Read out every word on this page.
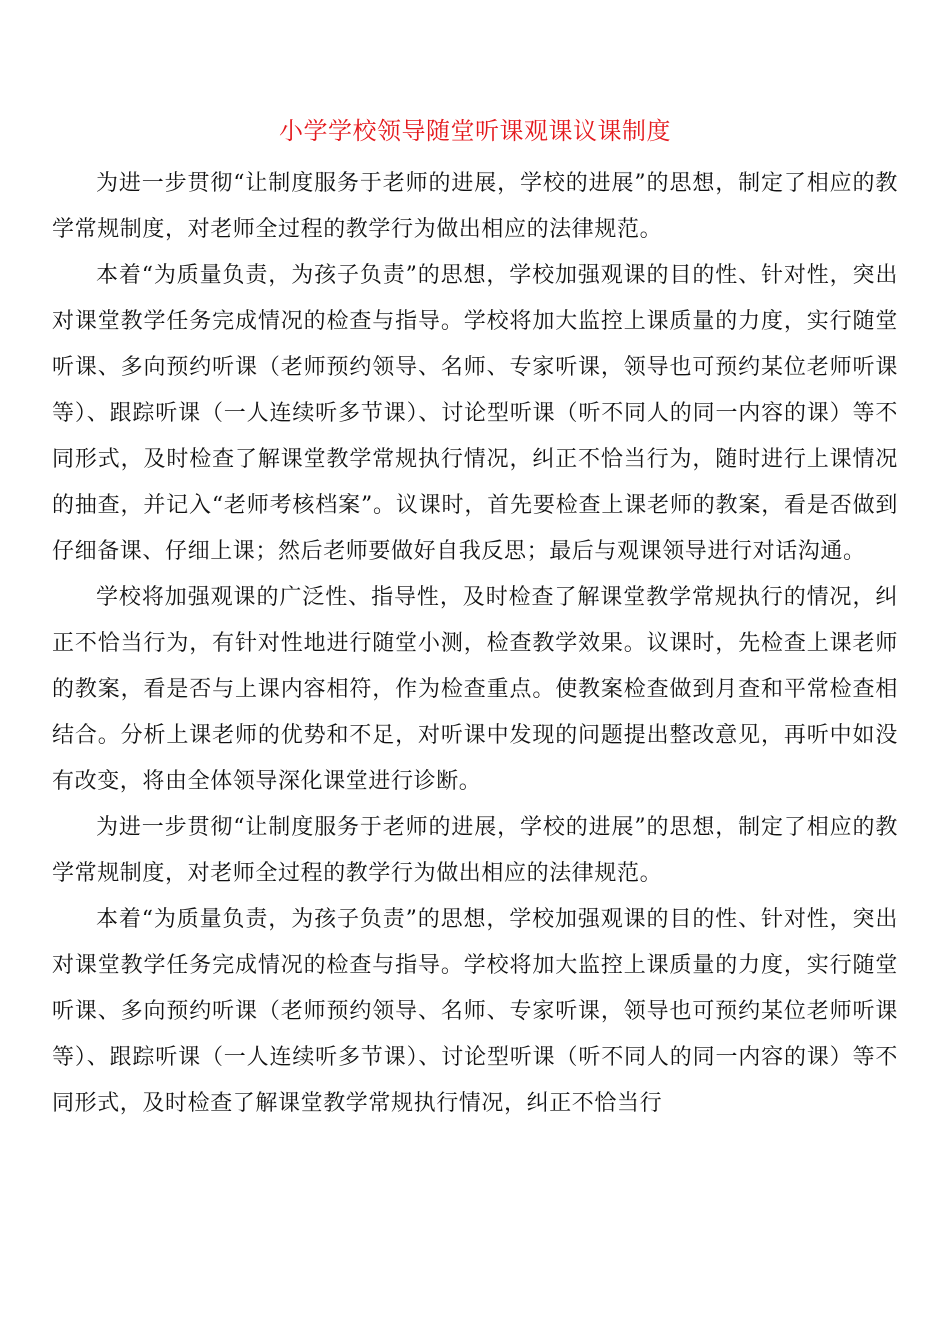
小学学校领导随堂听课观课议课制度

为进一步贯彻“让制度服务于老师的进展，学校的进展”的思想，制定了相应的教学常规制度，对老师全过程的教学行为做出相应的法律规范。

本着“为质量负责，为孩子负责”的思想，学校加强观课的目的性、针对性，突出对课堂教学任务完成情况的检查与指导。学校将加大监控上课质量的力度，实行随堂听课、多向预约听课（老师预约领导、名师、专家听课，领导也可预约某位老师听课等）、跟踪听课（一人连续听多节课）、讨论型听课（听不同人的同一内容的课）等不同形式，及时检查了解课堂教学常规执行情况，纠正不恰当行为，随时进行上课情况的抽查，并记入“老师考核档案”。议课时，首先要检查上课老师的教案，看是否做到仔细备课、仔细上课；然后老师要做好自我反思；最后与观课领导进行对话沟通。

学校将加强观课的广泛性、指导性，及时检查了解课堂教学常规执行的情况，纠正不恰当行为，有针对性地进行随堂小测，检查教学效果。议课时，先检查上课老师的教案，看是否与上课内容相符，作为检查重点。使教案检查做到月查和平常检查相结合。分析上课老师的优势和不足，对听课中发现的问题提出整改意见，再听中如没有改变，将由全体领导深化课堂进行诊断。

为进一步贯彻“让制度服务于老师的进展，学校的进展”的思想，制定了相应的教学常规制度，对老师全过程的教学行为做出相应的法律规范。

本着“为质量负责，为孩子负责”的思想，学校加强观课的目的性、针对性，突出对课堂教学任务完成情况的检查与指导。学校将加大监控上课质量的力度，实行随堂听课、多向预约听课（老师预约领导、名师、专家听课，领导也可预约某位老师听课等）、跟踪听课（一人连续听多节课）、讨论型听课（听不同人的同一内容的课）等不同形式，及时检查了解课堂教学常规执行情况，纠正不恰当行
